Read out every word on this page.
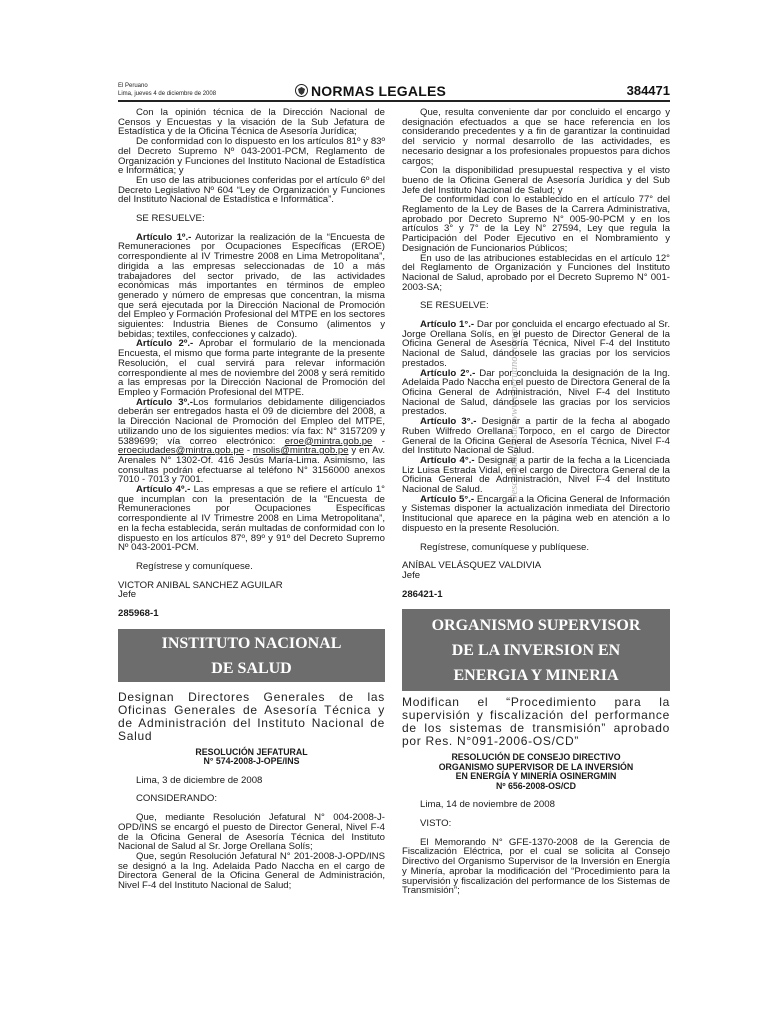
El Peruano
Lima, jueves 4 de diciembre de 2008	NORMAS LEGALES	384471
Descargado desde www.elperuano.com.pe

Con la opinión técnica de la Dirección Nacional de Censos y Encuestas y la visación de la Sub Jefatura de Estadística y de la Oficina Técnica de Asesoría Jurídica;

De conformidad con lo dispuesto en los artículos 81º y 83º del Decreto Supremo Nº 043-2001-PCM, Reglamento de Organización y Funciones del Instituto Nacional de Estadística e Informática; y

En uso de las atribuciones conferidas por el artículo 6º del Decreto Legislativo Nº 604 “Ley de Organización y Funciones del Instituto Nacional de Estadística e Informática”.

SE RESUELVE:

Artículo 1º.- Autorizar la realización de la “Encuesta de Remuneraciones por Ocupaciones Específicas (EROE) correspondiente al IV Trimestre 2008 en Lima Metropolitana”, dirigida a las empresas seleccionadas de 10 a más trabajadores del sector privado, de las actividades económicas más importantes en términos de empleo generado y número de empresas que concentran, la misma que será ejecutada por la Dirección Nacional de Promoción del Empleo y Formación Profesional del MTPE en los sectores siguientes: Industria Bienes de Consumo (alimentos y bebidas; textiles, confecciones y calzado).

Artículo 2º.- Aprobar el formulario de la mencionada Encuesta, el mismo que forma parte integrante de la presente Resolución, el cual servirá para relevar información correspondiente al mes de noviembre del 2008 y será remitido a las empresas por la Dirección Nacional de Promoción del Empleo y Formación Profesional del MTPE.

Artículo 3º.-Los formularios debidamente diligenciados deberán ser entregados hasta el 09 de diciembre del 2008, a la Dirección Nacional de Promoción del Empleo del MTPE, utilizando uno de los siguientes medios: vía fax: N° 3157209 y 5389699; vía correo electrónico: eroe@mintra.gob.pe - eroeciudades@mintra.gob.pe - msolis@mintra.gob.pe y en Av. Arenales N° 1302-Of. 416 Jesús María-Lima. Asimismo, las consultas podrán efectuarse al teléfono N° 3156000 anexos 7010 - 7013 y 7001.

Artículo 4º.- Las empresas a que se refiere el artículo 1° que incumplan con la presentación de la “Encuesta de Remuneraciones por Ocupaciones Específicas correspondiente al IV Trimestre 2008 en Lima Metropolitana”, en la fecha establecida, serán multadas de conformidad con lo dispuesto en los artículos 87º, 89º y 91º del Decreto Supremo Nº 043-2001-PCM.

Regístrese y comuníquese.

VICTOR ANIBAL SANCHEZ AGUILAR

Jefe

285968-1

INSTITUTO NACIONAL
DE SALUD

Designan Directores Generales de las Oficinas Generales de Asesoría Técnica y de Administración del Instituto Nacional de Salud

RESOLUCIÓN JEFATURAL
N° 574-2008-J-OPE/INS

Lima, 3 de diciembre de 2008

CONSIDERANDO:

Que, mediante Resolución Jefatural N° 004-2008-J-OPD/INS se encargó el puesto de Director General, Nivel F-4 de la Oficina General de Asesoría Técnica del Instituto Nacional de Salud al Sr. Jorge Orellana Solís;

Que, según Resolución Jefatural N° 201-2008-J-OPD/INS se designó a la Ing. Adelaida Pado Naccha en el cargo de Directora General de la Oficina General de Administración, Nivel F-4 del Instituto Nacional de Salud;

Que, resulta conveniente dar por concluido el encargo y designación efectuados a que se hace referencia en los considerando precedentes y a fin de garantizar la continuidad del servicio y normal desarrollo de las actividades, es necesario designar a los profesionales propuestos para dichos cargos;

Con la disponibilidad presupuestal respectiva y el visto bueno de la Oficina General de Asesoría Jurídica y del Sub Jefe del Instituto Nacional de Salud; y

De conformidad con lo establecido en el artículo 77° del Reglamento de la Ley de Bases de la Carrera Administrativa, aprobado por Decreto Supremo N° 005-90-PCM y en los artículos 3° y 7° de la Ley N° 27594, Ley que regula la Participación del Poder Ejecutivo en el Nombramiento y Designación de Funcionarios Públicos;

En uso de las atribuciones establecidas en el artículo 12° del Reglamento de Organización y Funciones del Instituto Nacional de Salud, aprobado por el Decreto Supremo N° 001-2003-SA;

SE RESUELVE:

Artículo 1°.- Dar por concluida el encargo efectuado al Sr. Jorge Orellana Solís, en el puesto de Director General de la Oficina General de Asesoría Técnica, Nivel F-4 del Instituto Nacional de Salud, dándosele las gracias por los servicios prestados.

Artículo 2°.- Dar por concluida la designación de la Ing. Adelaida Pado Naccha en el puesto de Directora General de la Oficina General de Administración, Nivel F-4 del Instituto Nacional de Salud, dándosele las gracias por los servicios prestados.

Artículo 3°.- Designar a partir de la fecha al abogado Ruben Wilfredo Orellana Torpoco, en el cargo de Director General de la Oficina General de Asesoría Técnica, Nivel F-4 del Instituto Nacional de Salud.

Artículo 4°.- Designar a partir de la fecha a la Licenciada Liz Luisa Estrada Vidal, en el cargo de Directora General de la Oficina General de Administración, Nivel F-4 del Instituto Nacional de Salud.

Artículo 5°.- Encargar a la Oficina General de Información y Sistemas disponer la actualización inmediata del Directorio Institucional que aparece en la página web en atención a lo dispuesto en la presente Resolución.

Regístrese, comuníquese y publíquese.

ANÍBAL VELÁSQUEZ VALDIVIA

Jefe

286421-1

ORGANISMO SUPERVISOR
DE LA INVERSION EN
ENERGIA Y MINERIA

Modifican el “Procedimiento para la supervisión y fiscalización del performance de los sistemas de transmisión” aprobado por Res. N°091-2006-OS/CD”

RESOLUCIÓN DE CONSEJO DIRECTIVO
ORGANISMO SUPERVISOR DE LA INVERSIÓN
EN ENERGÍA Y MINERÍA OSINERGMIN
Nº 656-2008-OS/CD

Lima, 14 de noviembre de 2008

VISTO:

El Memorando N° GFE-1370-2008 de la Gerencia de Fiscalización Eléctrica, por el cual se solicita al Consejo Directivo del Organismo Supervisor de la Inversión en Energía y Minería, aprobar la modificación del “Procedimiento para la supervisión y fiscalización del performance de los Sistemas de Transmisión”;
